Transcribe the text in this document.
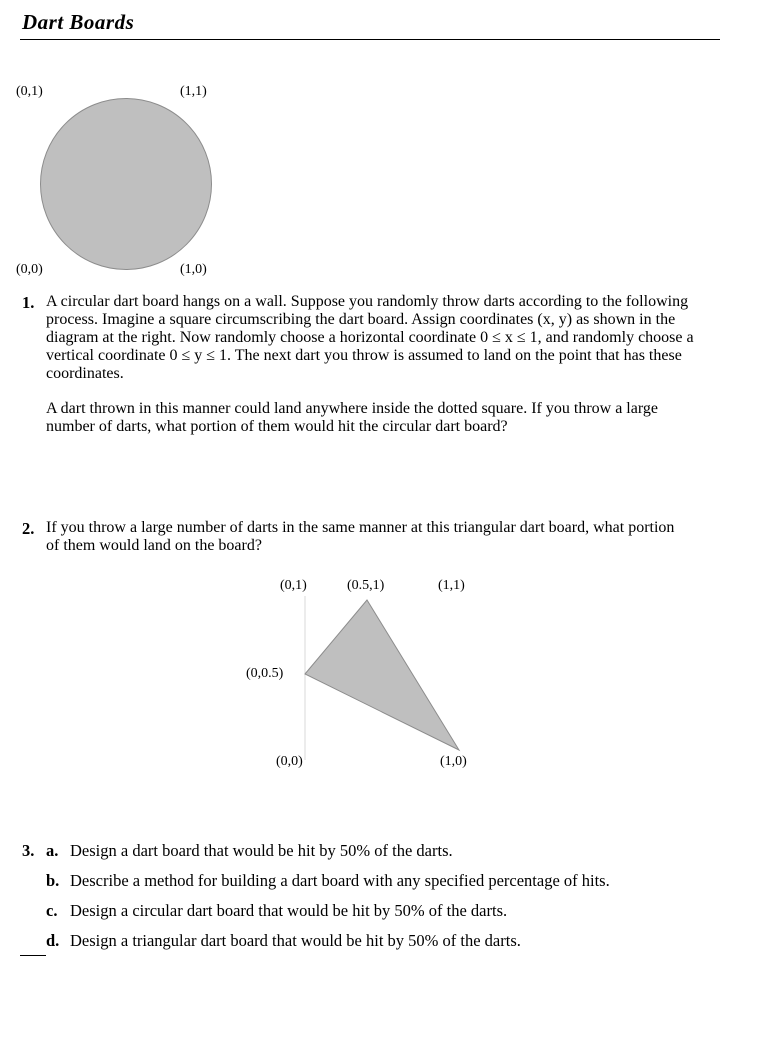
Dart Boards
(0,1)	(1,1)
(0,0)	(1,0)
1. A circular dart board hangs on a wall. Suppose you randomly throw darts according to the following process. Imagine a square circumscribing the dart board. Assign coordinates (x, y) as shown in the diagram at the right. Now randomly choose a horizontal coordinate 0 ≤ x ≤ 1, and randomly choose a vertical coordinate 0 ≤ y ≤ 1. The next dart you throw is assumed to land on the point that has these coordinates.

A dart thrown in this manner could land anywhere inside the dotted square. If you throw a large number of darts, what portion of them would hit the circular dart board?

2. If you throw a large number of darts in the same manner at this triangular dart board, what portion of them would land on the board?

(0,1)	(0.5,1)	(1,1)
(0,0.5)
(0,0)	(1,0)
3. a. Design a dart board that would be hit by 50% of the darts.
b. Describe a method for building a dart board with any specified percentage of hits.
c. Design a circular dart board that would be hit by 50% of the darts.
d. Design a triangular dart board that would be hit by 50% of the darts.
